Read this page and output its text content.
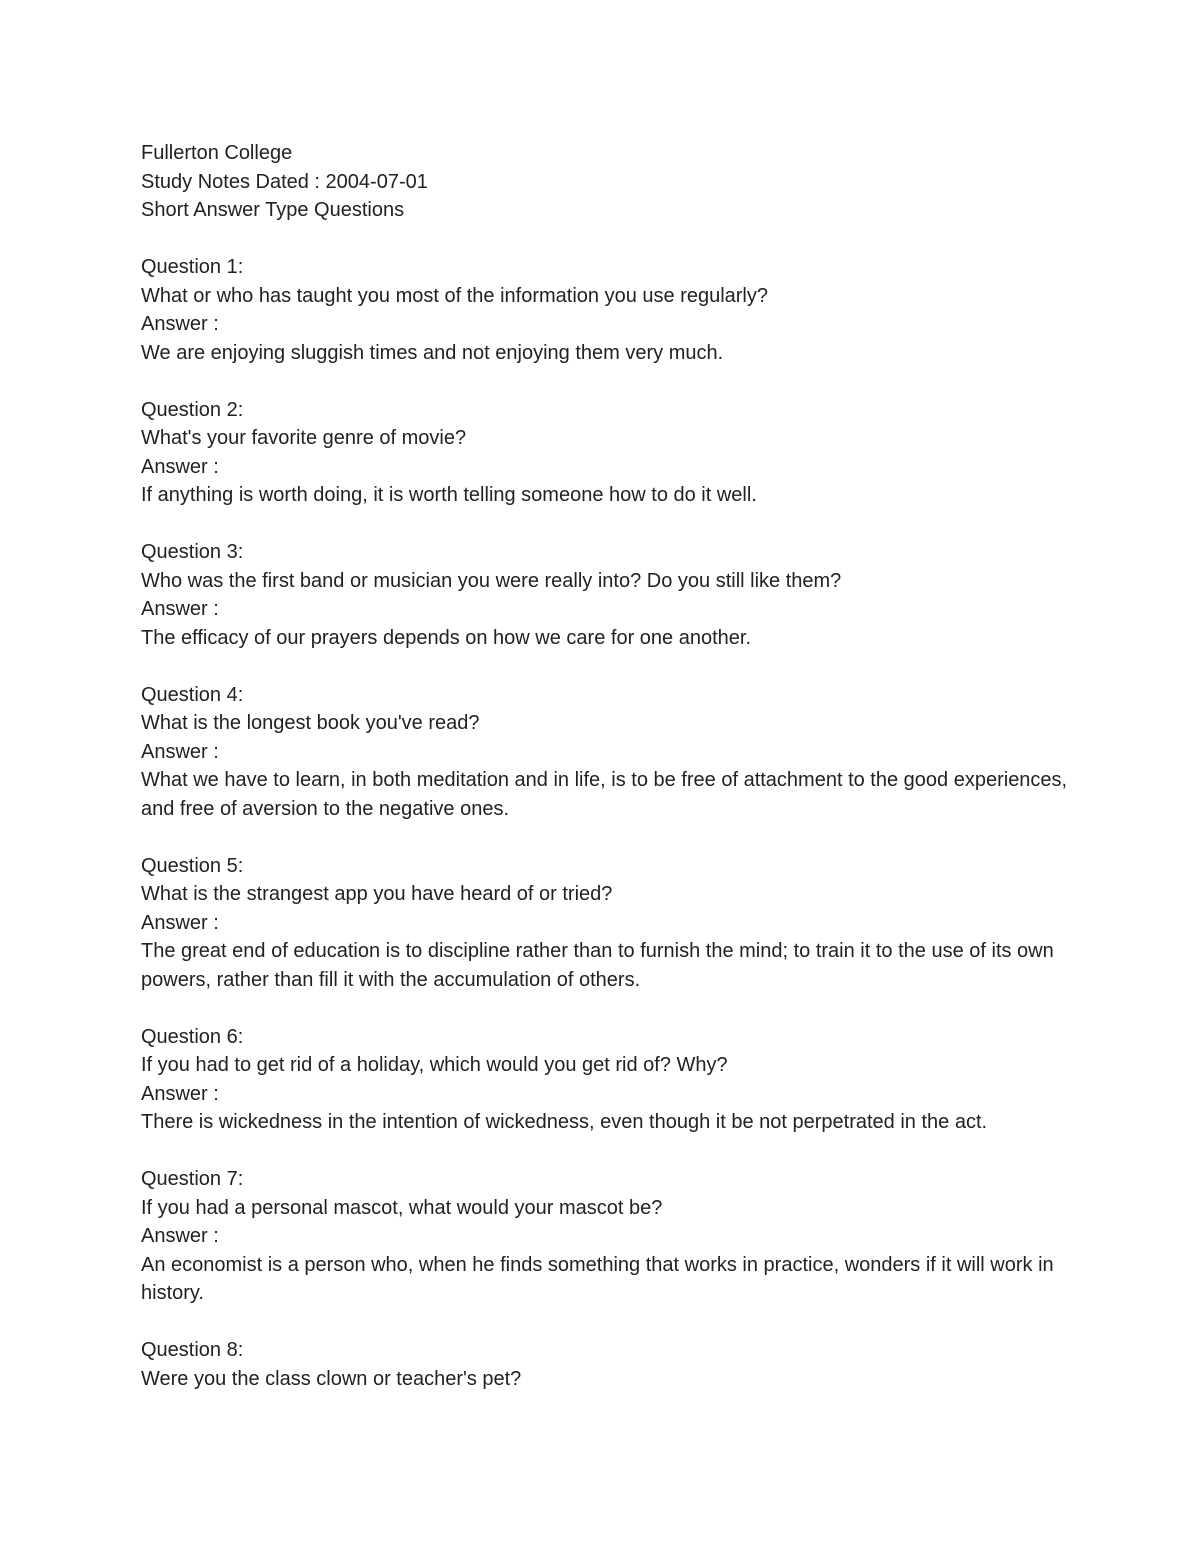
Fullerton College

Study Notes Dated : 2004-07-01

Short Answer Type Questions

Question 1:

What or who has taught you most of the information you use regularly?

Answer :

We are enjoying sluggish times and not enjoying them very much.

Question 2:

What's your favorite genre of movie?

Answer :

If anything is worth doing, it is worth telling someone how to do it well.

Question 3:

Who was the first band or musician you were really into? Do you still like them?

Answer :

The efficacy of our prayers depends on how we care for one another.

Question 4:

What is the longest book you've read?

Answer :

What we have to learn, in both meditation and in life, is to be free of attachment to the good experiences, and free of aversion to the negative ones.

Question 5:

What is the strangest app you have heard of or tried?

Answer :

The great end of education is to discipline rather than to furnish the mind; to train it to the use of its own powers, rather than fill it with the accumulation of others.

Question 6:

If you had to get rid of a holiday, which would you get rid of? Why?

Answer :

There is wickedness in the intention of wickedness, even though it be not perpetrated in the act.

Question 7:

If you had a personal mascot, what would your mascot be?

Answer :

An economist is a person who, when he finds something that works in practice, wonders if it will work in history.

Question 8:

Were you the class clown or teacher's pet?
